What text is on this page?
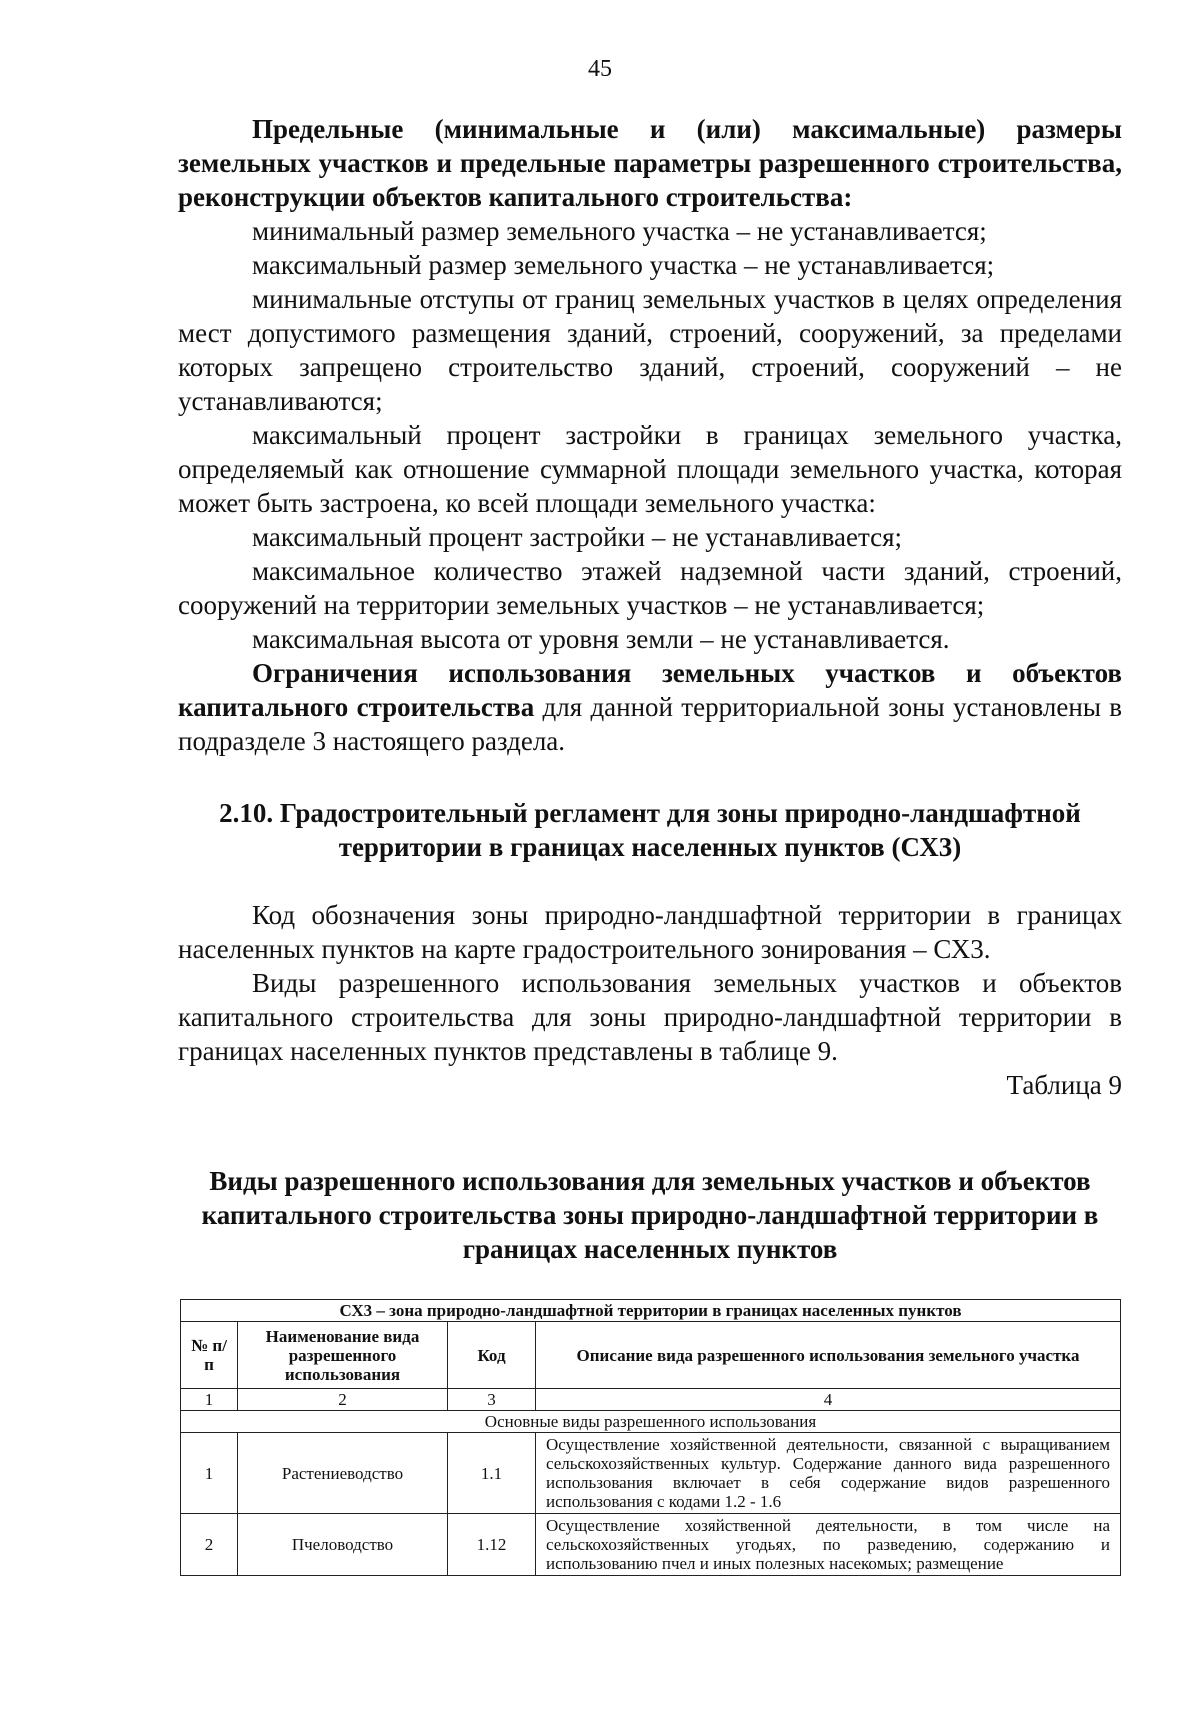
45

Предельные (минимальные и (или) максимальные) размеры земельных участков и предельные параметры разрешенного строительства, реконструкции объектов капитального строительства:

минимальный размер земельного участка – не устанавливается;

максимальный размер земельного участка – не устанавливается;

минимальные отступы от границ земельных участков в целях определения мест допустимого размещения зданий, строений, сооружений, за пределами которых запрещено строительство зданий, строений, сооружений – не устанавливаются;

максимальный процент застройки в границах земельного участка, определяемый как отношение суммарной площади земельного участка, которая может быть застроена, ко всей площади земельного участка:

максимальный процент застройки – не устанавливается;

максимальное количество этажей надземной части зданий, строений, сооружений на территории земельных участков – не устанавливается;

максимальная высота от уровня земли – не устанавливается.

Ограничения использования земельных участков и объектов капитального строительства для данной территориальной зоны установлены в подразделе 3 настоящего раздела.

2.10. Градостроительный регламент для зоны природно-ландшафтной территории в границах населенных пунктов (СХ3)

Код обозначения зоны природно-ландшафтной территории в границах населенных пунктов на карте градостроительного зонирования – СХ3.

Виды разрешенного использования земельных участков и объектов капитального строительства для зоны природно-ландшафтной территории в границах населенных пунктов представлены в таблице 9.

Таблица 9

Виды разрешенного использования для земельных участков и объектов капитального строительства зоны природно-ландшафтной территории в границах населенных пунктов
СХ3 – зона природно-ландшафтной территории в границах населенных пунктов			
№ п/п	Наименование вида разрешенного использования	Код	Описание вида разрешенного использования земельного участка
1	2	3	4
Основные виды разрешенного использования			
1	Растениеводство	1.1	Осуществление хозяйственной деятельности, связанной с выращиванием сельскохозяйственных культур. Содержание данного вида разрешенного использования включает в себя содержание видов разрешенного использования с кодами 1.2 - 1.6
2	Пчеловодство	1.12	Осуществление хозяйственной деятельности, в том числе на сельскохозяйственных угодьях, по разведению, содержанию и использованию пчел и иных полезных насекомых; размещение
